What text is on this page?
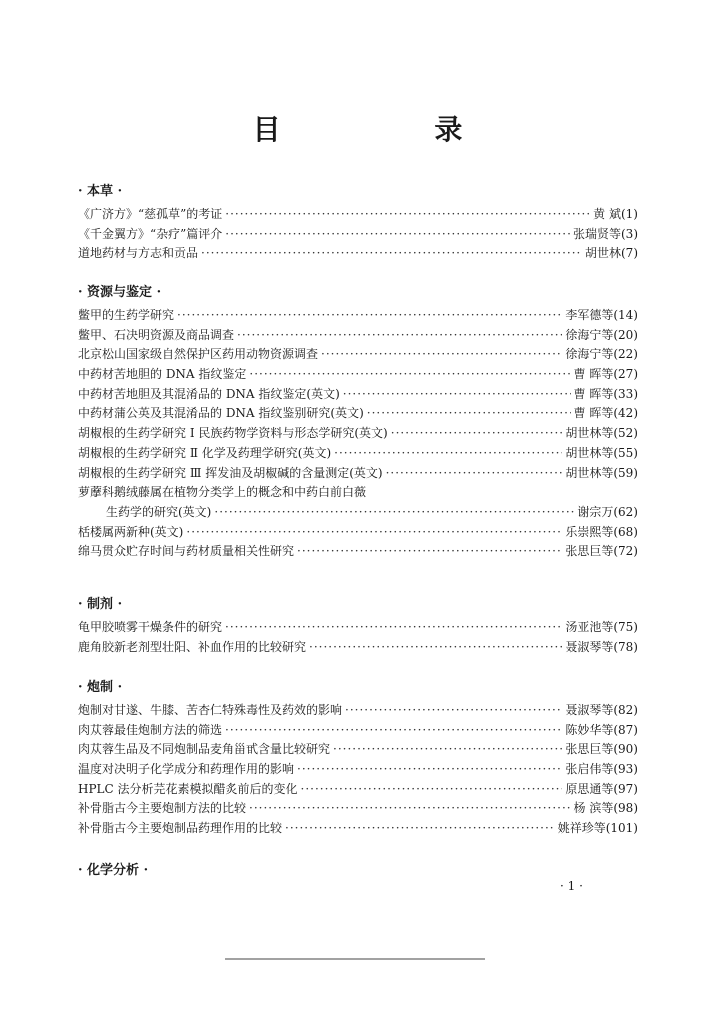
目 录
· 本草 ·
《广济方》“慈孤草”的考证 ·····	黄 斌(1)
《千金翼方》“杂疗”篇评介 ·····	张瑞贤等(3)
道地药材与方志和贡品 ·····	胡世林(7)
· 资源与鉴定 ·
鳖甲的生药学研究 ·····	李军德等(14)
鳖甲、石决明资源及商品调查 ·····	徐海宁等(20)
北京松山国家级自然保护区药用动物资源调查 ·····	徐海宁等(22)
中药材苦地胆的 DNA 指纹鉴定 ·····	曹 晖等(27)
中药材苦地胆及其混淆品的 DNA 指纹鉴定(英文) ·····	曹 晖等(33)
中药材蒲公英及其混淆品的 DNA 指纹鉴别研究(英文) ·····	曹 晖等(42)
胡椒根的生药学研究 Ⅰ 民族药物学资料与形态学研究(英文) ·····	胡世林等(52)
胡椒根的生药学研究 Ⅱ 化学及药理学研究(英文) ·····	胡世林等(55)
胡椒根的生药学研究 Ⅲ 挥发油及胡椒碱的含量测定(英文) ·····	胡世林等(59)
萝藦科鹅绒藤属在植物分类学上的概念和中药白前白薇
生药学的研究(英文) ·····	谢宗万(62)
栝楼属两新种(英文) ·····	乐崇熙等(68)
绵马贯众贮存时间与药材质量相关性研究 ·····	张思巨等(72)
· 制剂 ·
龟甲胶喷雾干燥条件的研究 ·····	汤亚池等(75)
鹿角胶新老剂型壮阳、补血作用的比较研究 ·····	聂淑琴等(78)
· 炮制 ·
炮制对甘遂、牛膝、苦杏仁特殊毒性及药效的影响 ·····	聂淑琴等(82)
肉苁蓉最佳炮制方法的筛选 ·····	陈妙华等(87)
肉苁蓉生品及不同炮制品麦角甾甙含量比较研究 ·····	张思巨等(90)
温度对决明子化学成分和药理作用的影响 ·····	张启伟等(93)
HPLC 法分析芫花素模拟醋炙前后的变化 ·····	原思通等(97)
补骨脂古今主要炮制方法的比较 ·····	杨 滨等(98)
补骨脂古今主要炮制品药理作用的比较 ·····	姚祥珍等(101)
· 化学分析 ·
· 1 ·
